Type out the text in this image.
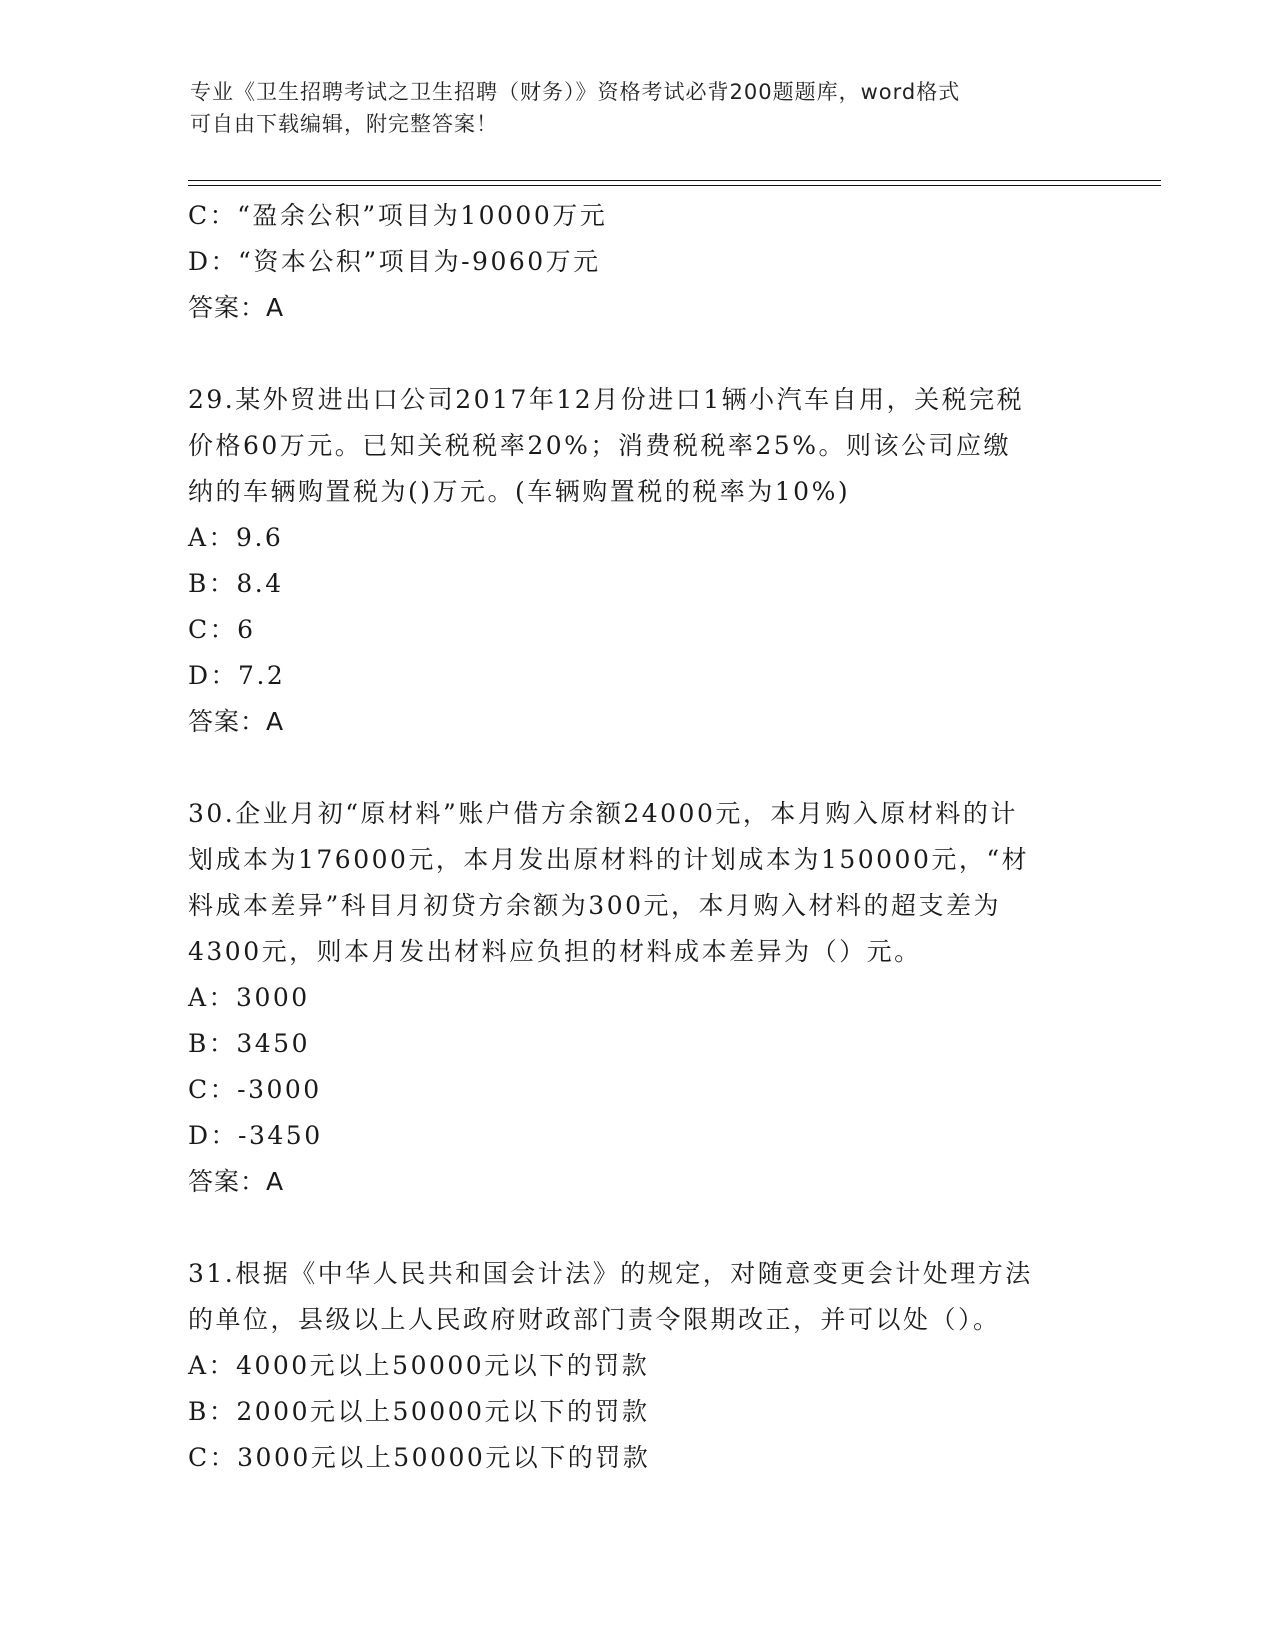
专业《卫生招聘考试之卫生招聘（财务）》资格考试必背200题题库，word格式

可自由下载编辑，附完整答案！

C：“盈余公积”项目为10000万元
D：“资本公积”项目为-9060万元
答案：A
29.某外贸进出口公司2017年12月份进口1辆小汽车自用，关税完税
价格60万元。已知关税税率20%；消费税税率25%。则该公司应缴
纳的车辆购置税为()万元。(车辆购置税的税率为10%)
A：9.6
B：8.4
C：6
D：7.2
答案：A
30.企业月初“原材料”账户借方余额24000元，本月购入原材料的计
划成本为176000元，本月发出原材料的计划成本为150000元，“材
料成本差异”科目月初贷方余额为300元，本月购入材料的超支差为
4300元，则本月发出材料应负担的材料成本差异为（）元。
A：3000
B：3450
C：-3000
D：-3450
答案：A
31.根据《中华人民共和国会计法》的规定，对随意变更会计处理方法
的单位，县级以上人民政府财政部门责令限期改正，并可以处（）。
A：4000元以上50000元以下的罚款
B：2000元以上50000元以下的罚款
C：3000元以上50000元以下的罚款
